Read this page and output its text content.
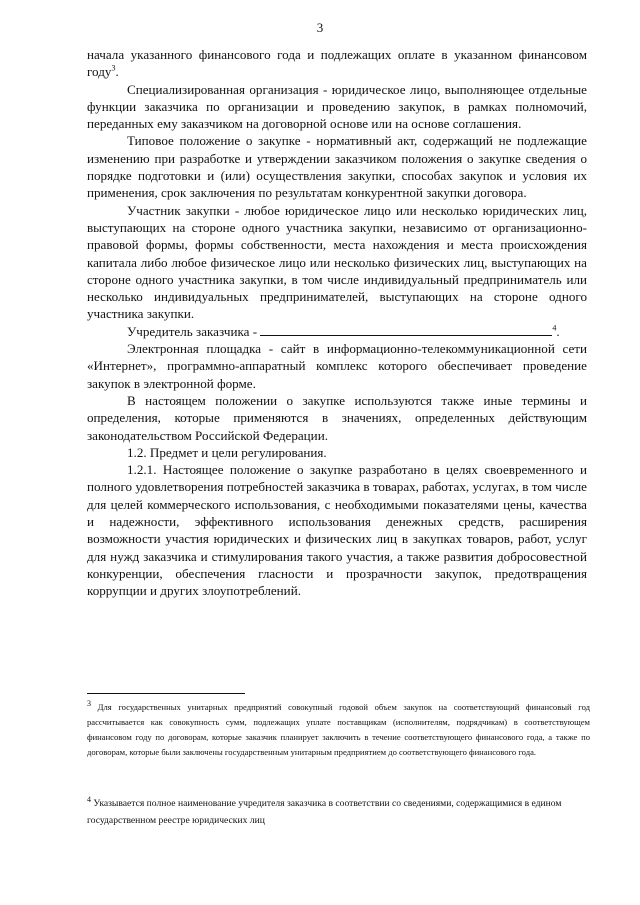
3

начала указанного финансового года и подлежащих оплате в указанном финансовом году$^3$.

Специализированная организация - юридическое лицо, выполняющее отдельные функции заказчика по организации и проведению закупок, в рамках полномочий, переданных ему заказчиком на договорной основе или на основе соглашения.

Типовое положение о закупке - нормативный акт, содержащий не подлежащие изменению при разработке и утверждении заказчиком положения о закупке сведения о порядке подготовки и (или) осуществления закупки, способах закупок и условия их применения, срок заключения по результатам конкурентной закупки договора.

Участник закупки - любое юридическое лицо или несколько юридических лиц, выступающих на стороне одного участника закупки, независимо от организационно-правовой формы, формы собственности, места нахождения и места происхождения капитала либо любое физическое лицо или несколько физических лиц, выступающих на стороне одного участника закупки, в том числе индивидуальный предприниматель или несколько индивидуальных предпринимателей, выступающих на стороне одного участника закупки.

Учредитель заказчика -	$^4$.

Электронная площадка - сайт в информационно-телекоммуникационной сети «Интернет», программно-аппаратный комплекс которого обеспечивает проведение закупок в электронной форме.

В настоящем положении о закупке используются также иные термины и определения, которые применяются в значениях, определенных действующим законодательством Российской Федерации.

1.2. Предмет и цели регулирования.

1.2.1. Настоящее положение о закупке разработано в целях своевременного и полного удовлетворения потребностей заказчика в товарах, работах, услугах, в том числе для целей коммерческого использования, с необходимыми показателями цены, качества и надежности, эффективного использования денежных средств, расширения возможности участия юридических и физических лиц в закупках товаров, работ, услуг для нужд заказчика и стимулирования такого участия, а также развития добросовестной конкуренции, обеспечения гласности и прозрачности закупок, предотвращения коррупции и других злоупотреблений.

$^3$ Для государственных унитарных предприятий совокупный годовой объем закупок на соответствующий финансовый год рассчитывается как совокупность сумм, подлежащих уплате поставщикам (исполнителям, подрядчикам) в соответствующем финансовом году по договорам, которые заказчик планирует заключить в течение соответствующего финансового года, а также по договорам, которые были заключены государственным унитарным предприятием до соответствующего финансового года.

$^4$ Указывается полное наименование учредителя заказчика в соответствии со сведениями, содержащимися в едином государственном реестре юридических лиц
